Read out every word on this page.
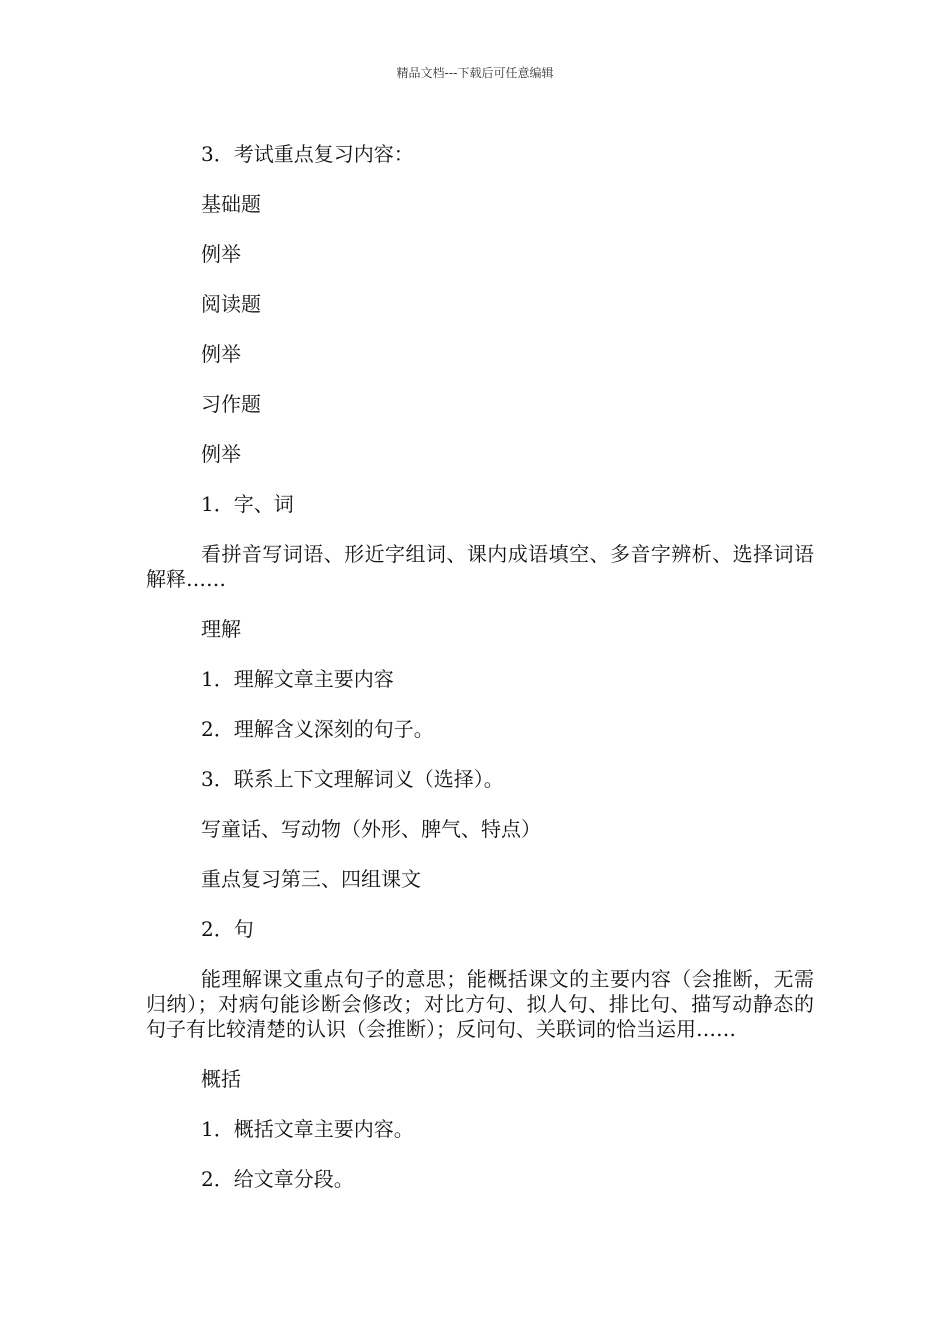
精品文档---下载后可任意编辑

3．考试重点复习内容：

基础题

例举

阅读题

例举

习作题

例举

1．字、词

看拼音写词语、形近字组词、课内成语填空、多音字辨析、选择词语解释……

理解

1．理解文章主要内容

2．理解含义深刻的句子。

3．联系上下文理解词义（选择）。

写童话、写动物（外形、脾气、特点）

重点复习第三、四组课文

2．句

能理解课文重点句子的意思；能概括课文的主要内容（会推断，无需归纳）；对病句能诊断会修改；对比方句、拟人句、排比句、描写动静态的句子有比较清楚的认识（会推断）；反问句、关联词的恰当运用……

概括

1．概括文章主要内容。

2．给文章分段。
